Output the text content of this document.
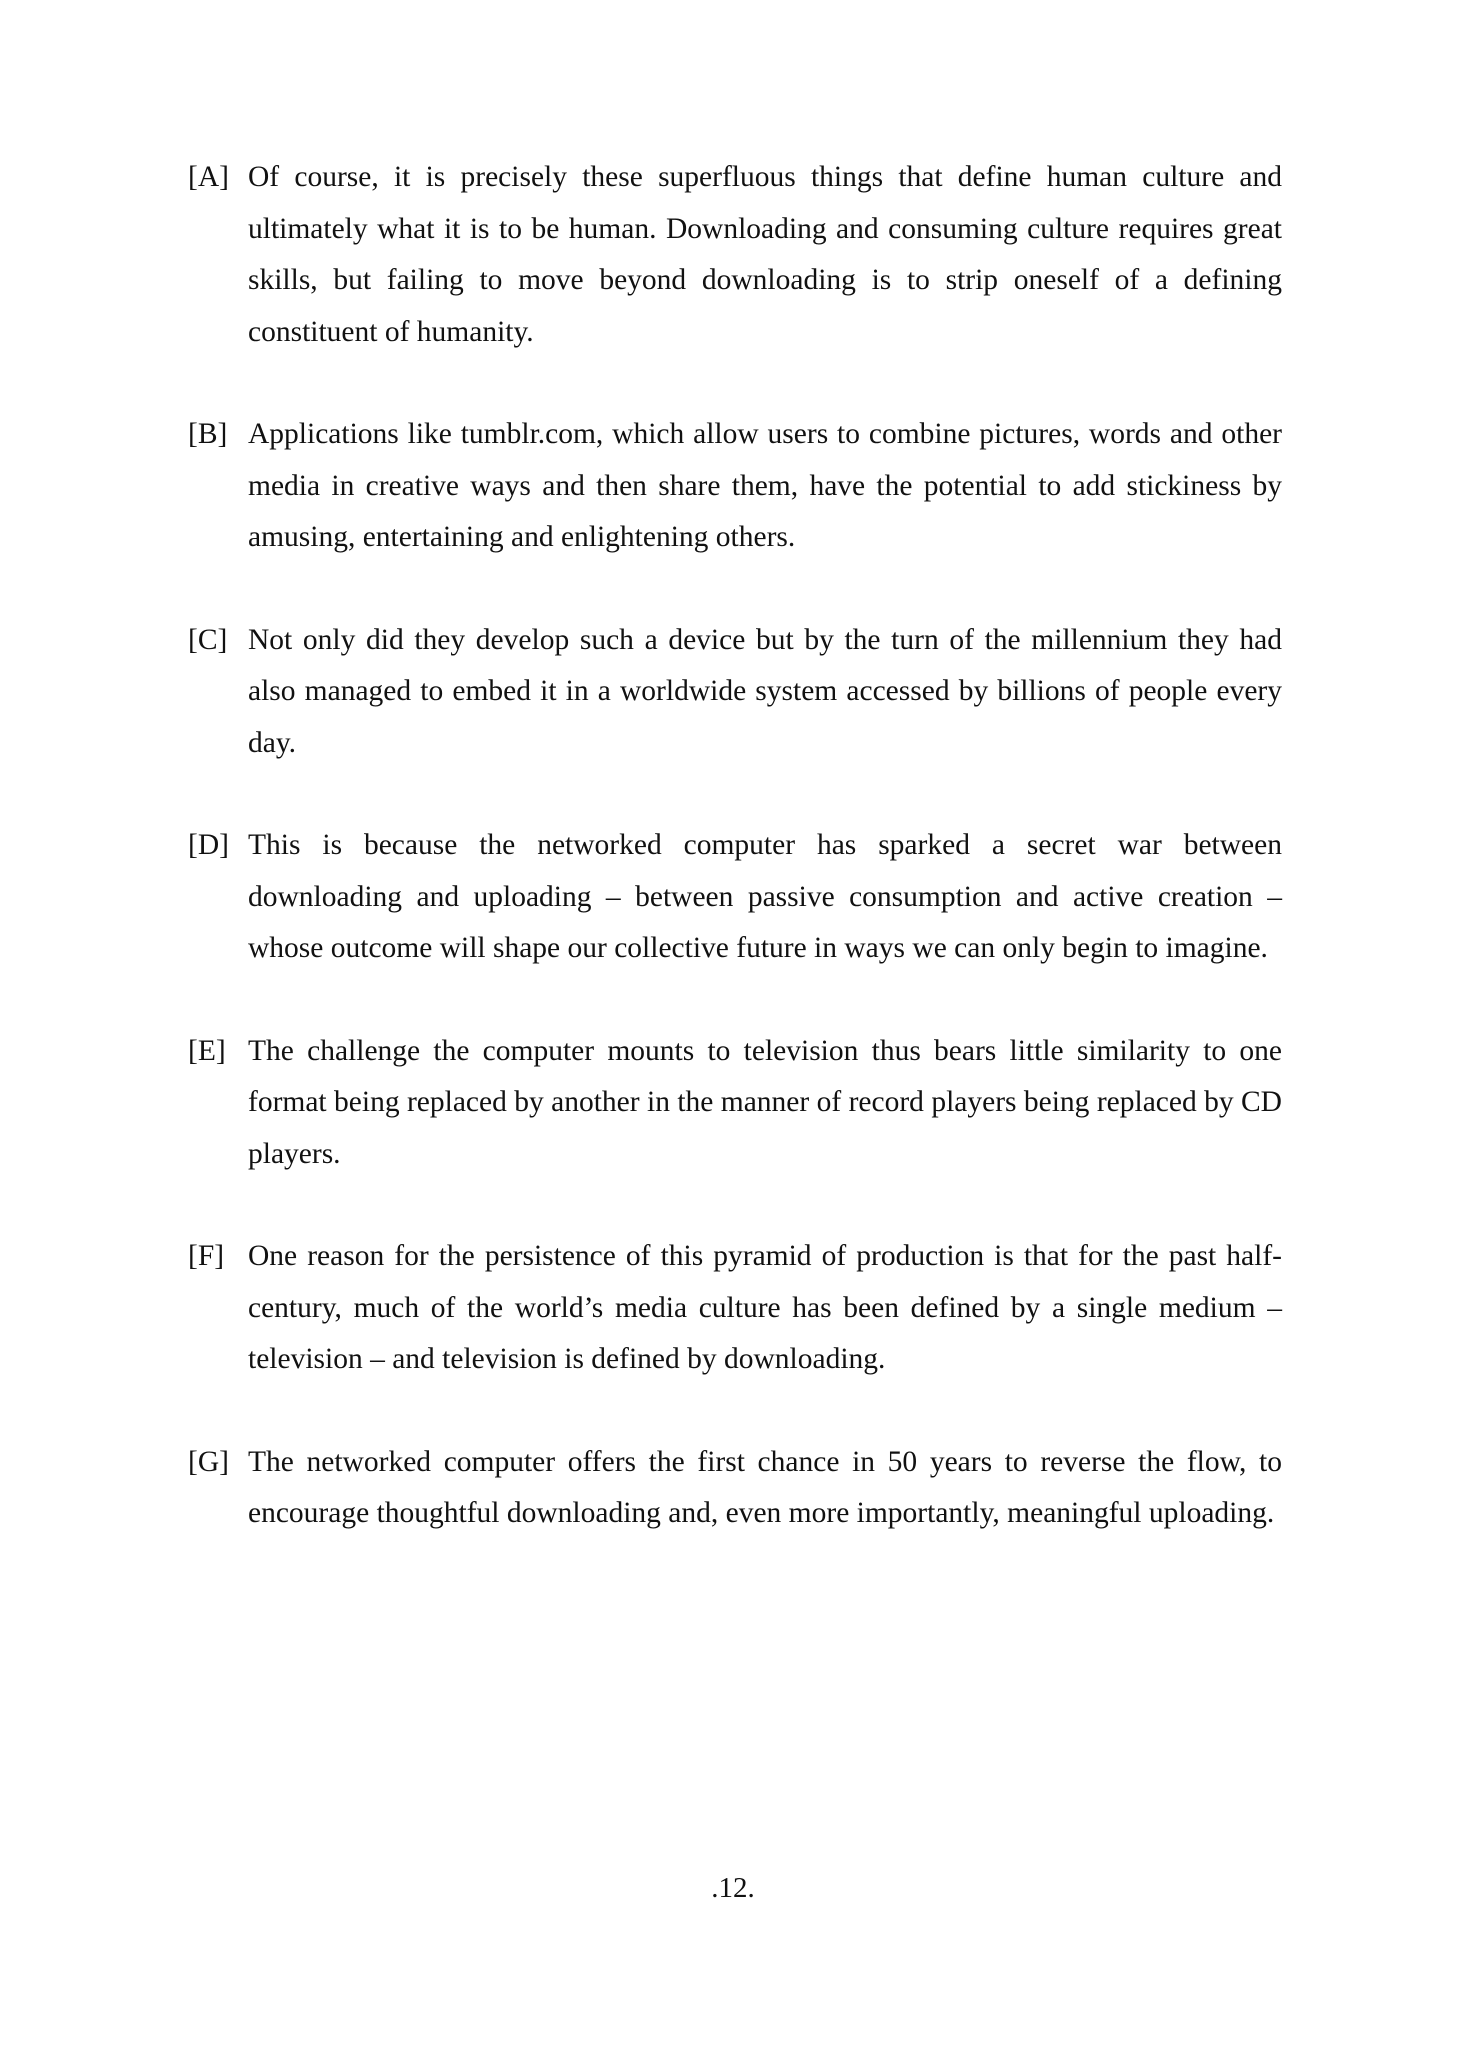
[A] Of course, it is precisely these superfluous things that define human culture and ultimately what it is to be human. Downloading and consuming culture requires great skills, but failing to move beyond downloading is to strip oneself of a defining constituent of humanity.
[B] Applications like tumblr.com, which allow users to combine pictures, words and other media in creative ways and then share them, have the potential to add stickiness by amusing, entertaining and enlightening others.
[C] Not only did they develop such a device but by the turn of the millennium they had also managed to embed it in a worldwide system accessed by billions of people every day.
[D] This is because the networked computer has sparked a secret war between downloading and uploading – between passive consumption and active creation – whose outcome will shape our collective future in ways we can only begin to imagine.
[E] The challenge the computer mounts to television thus bears little similarity to one format being replaced by another in the manner of record players being replaced by CD players.
[F] One reason for the persistence of this pyramid of production is that for the past half-century, much of the world’s media culture has been defined by a single medium – television – and television is defined by downloading.
[G] The networked computer offers the first chance in 50 years to reverse the flow, to encourage thoughtful downloading and, even more importantly, meaningful uploading.
.12.
